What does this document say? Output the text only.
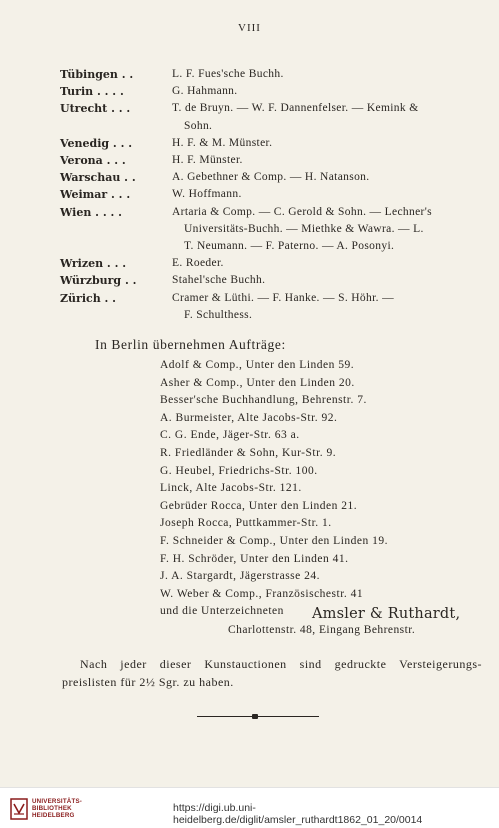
VIII
Tübingen . .	L. F. Fues'sche Buchh.
Turin . . . .	G. Hahmann.
Utrecht . . .	T. de Bruyn. — W. F. Dannenfelser. — Kemink &
Sohn.
Venedig . . .	H. F. & M. Münster.
Verona . . .	H. F. Münster.
Warschau . .	A. Gebethner & Comp. — H. Natanson.
Weimar . . .	W. Hoffmann.
Wien . . . .	Artaria & Comp. — C. Gerold & Sohn. — Lechner's
Universitäts-Buchh. — Miethke & Wawra. — L.
T. Neumann. — F. Paterno. — A. Posonyi.
Wrizen . . .	E. Roeder.
Würzburg . .	Stahel'sche Buchh.
Zürich . .	Cramer & Lüthi. — F. Hanke. — S. Höhr. —
F. Schulthess.
In Berlin übernehmen Aufträge:
Adolf & Comp., Unter den Linden 59.
Asher & Comp., Unter den Linden 20.
Besser'sche Buchhandlung, Behrenstr. 7.
A. Burmeister, Alte Jacobs-Str. 92.
C. G. Ende, Jäger-Str. 63 a.
R. Friedländer & Sohn, Kur-Str. 9.
G. Heubel, Friedrichs-Str. 100.
Linck, Alte Jacobs-Str. 121.
Gebrüder Rocca, Unter den Linden 21.
Joseph Rocca, Puttkammer-Str. 1.
F. Schneider & Comp., Unter den Linden 19.
F. H. Schröder, Unter den Linden 41.
J. A. Stargardt, Jägerstrasse 24.
W. Weber & Comp., Französischestr. 41
und die Unterzeichneten	Amsler & Ruthardt,
Charlottenstr. 48, Eingang Behrenstr.
Nach jeder dieser Kunstauctionen sind gedruckte Versteigerungs-
preislisten für 2½ Sgr. zu haben.
UNIVERSITÄTS-
BIBLIOTHEK
HEIDELBERG
https://digi.ub.uni-heidelberg.de/diglit/amsler_ruthardt1862_01_20/0014
